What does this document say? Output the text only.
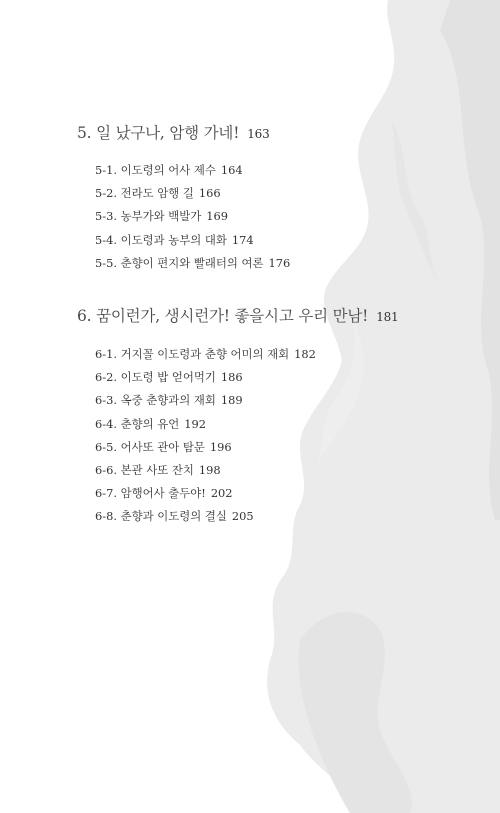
5. 일 났구나, 암행 가네! 163
5-1. 이도령의 어사 제수 164
5-2. 전라도 암행 길 166
5-3. 농부가와 백발가 169
5-4. 이도령과 농부의 대화 174
5-5. 춘향이 편지와 빨래터의 여론 176
6. 꿈이런가, 생시런가! 좋을시고 우리 만남! 181
6-1. 거지꼴 이도령과 춘향 어미의 재회 182
6-2. 이도령 밥 얻어먹기 186
6-3. 옥중 춘향과의 재회 189
6-4. 춘향의 유언 192
6-5. 어사또 관아 탐문 196
6-6. 본관 사또 잔치 198
6-7. 암행어사 출두야! 202
6-8. 춘향과 이도령의 결실 205
